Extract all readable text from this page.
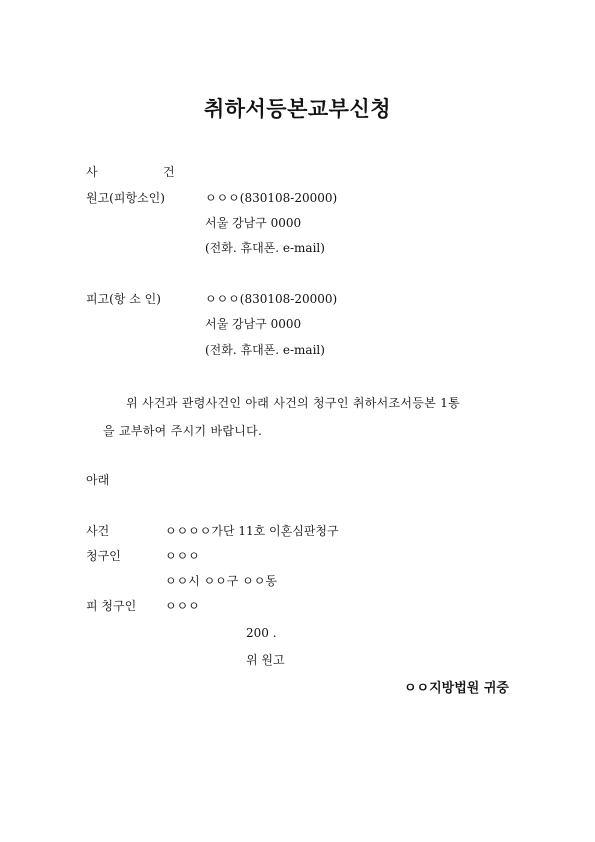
취하서등본교부신청
사	건
원고(피항소인)	ㅇㅇㅇ(830108-20000)
서울 강남구 0000
(전화. 휴대폰. e-mail)
피고(항 소 인)	ㅇㅇㅇ(830108-20000)
서울 강남구 0000
(전화. 휴대폰. e-mail)
위 사건과 관령사건인 아래 사건의 청구인 취하서조서등본 1통
을 교부하여 주시기 바랍니다.
아래
사건	ㅇㅇㅇㅇ가단 11호 이혼심판청구
청구인	ㅇㅇㅇ
ㅇㅇ시 ㅇㅇ구 ㅇㅇ동
피 청구인 ㅇㅇㅇ
200 .
위 원고
ㅇㅇ지방법원 귀중
